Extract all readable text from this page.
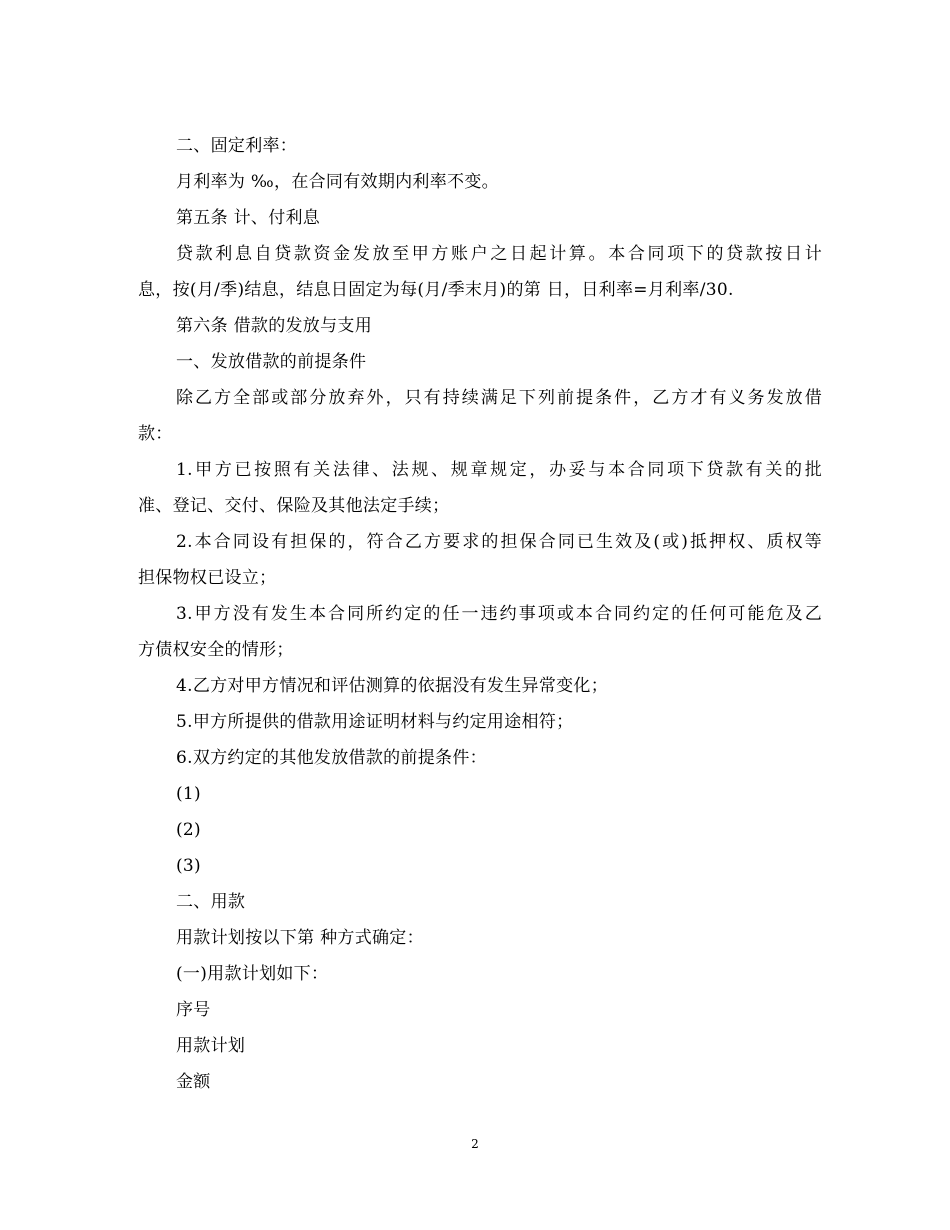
二、固定利率：
月利率为 ‰，在合同有效期内利率不变。
第五条 计、付利息
贷款利息自贷款资金发放至甲方账户之日起计算。本合同项下的贷款按日计
息，按(月/季)结息，结息日固定为每(月/季末月)的第 日，日利率=月利率/30.
第六条 借款的发放与支用
一、发放借款的前提条件
除乙方全部或部分放弃外，只有持续满足下列前提条件，乙方才有义务发放借
款：
1.甲方已按照有关法律、法规、规章规定，办妥与本合同项下贷款有关的批
准、登记、交付、保险及其他法定手续；
2.本合同设有担保的，符合乙方要求的担保合同已生效及(或)抵押权、质权等
担保物权已设立；
3.甲方没有发生本合同所约定的任一违约事项或本合同约定的任何可能危及乙
方债权安全的情形；
4.乙方对甲方情况和评估测算的依据没有发生异常变化；
5.甲方所提供的借款用途证明材料与约定用途相符；
6.双方约定的其他发放借款的前提条件：
(1)
(2)
(3)
二、用款
用款计划按以下第 种方式确定：
(一)用款计划如下：
序号
用款计划
金额
2
